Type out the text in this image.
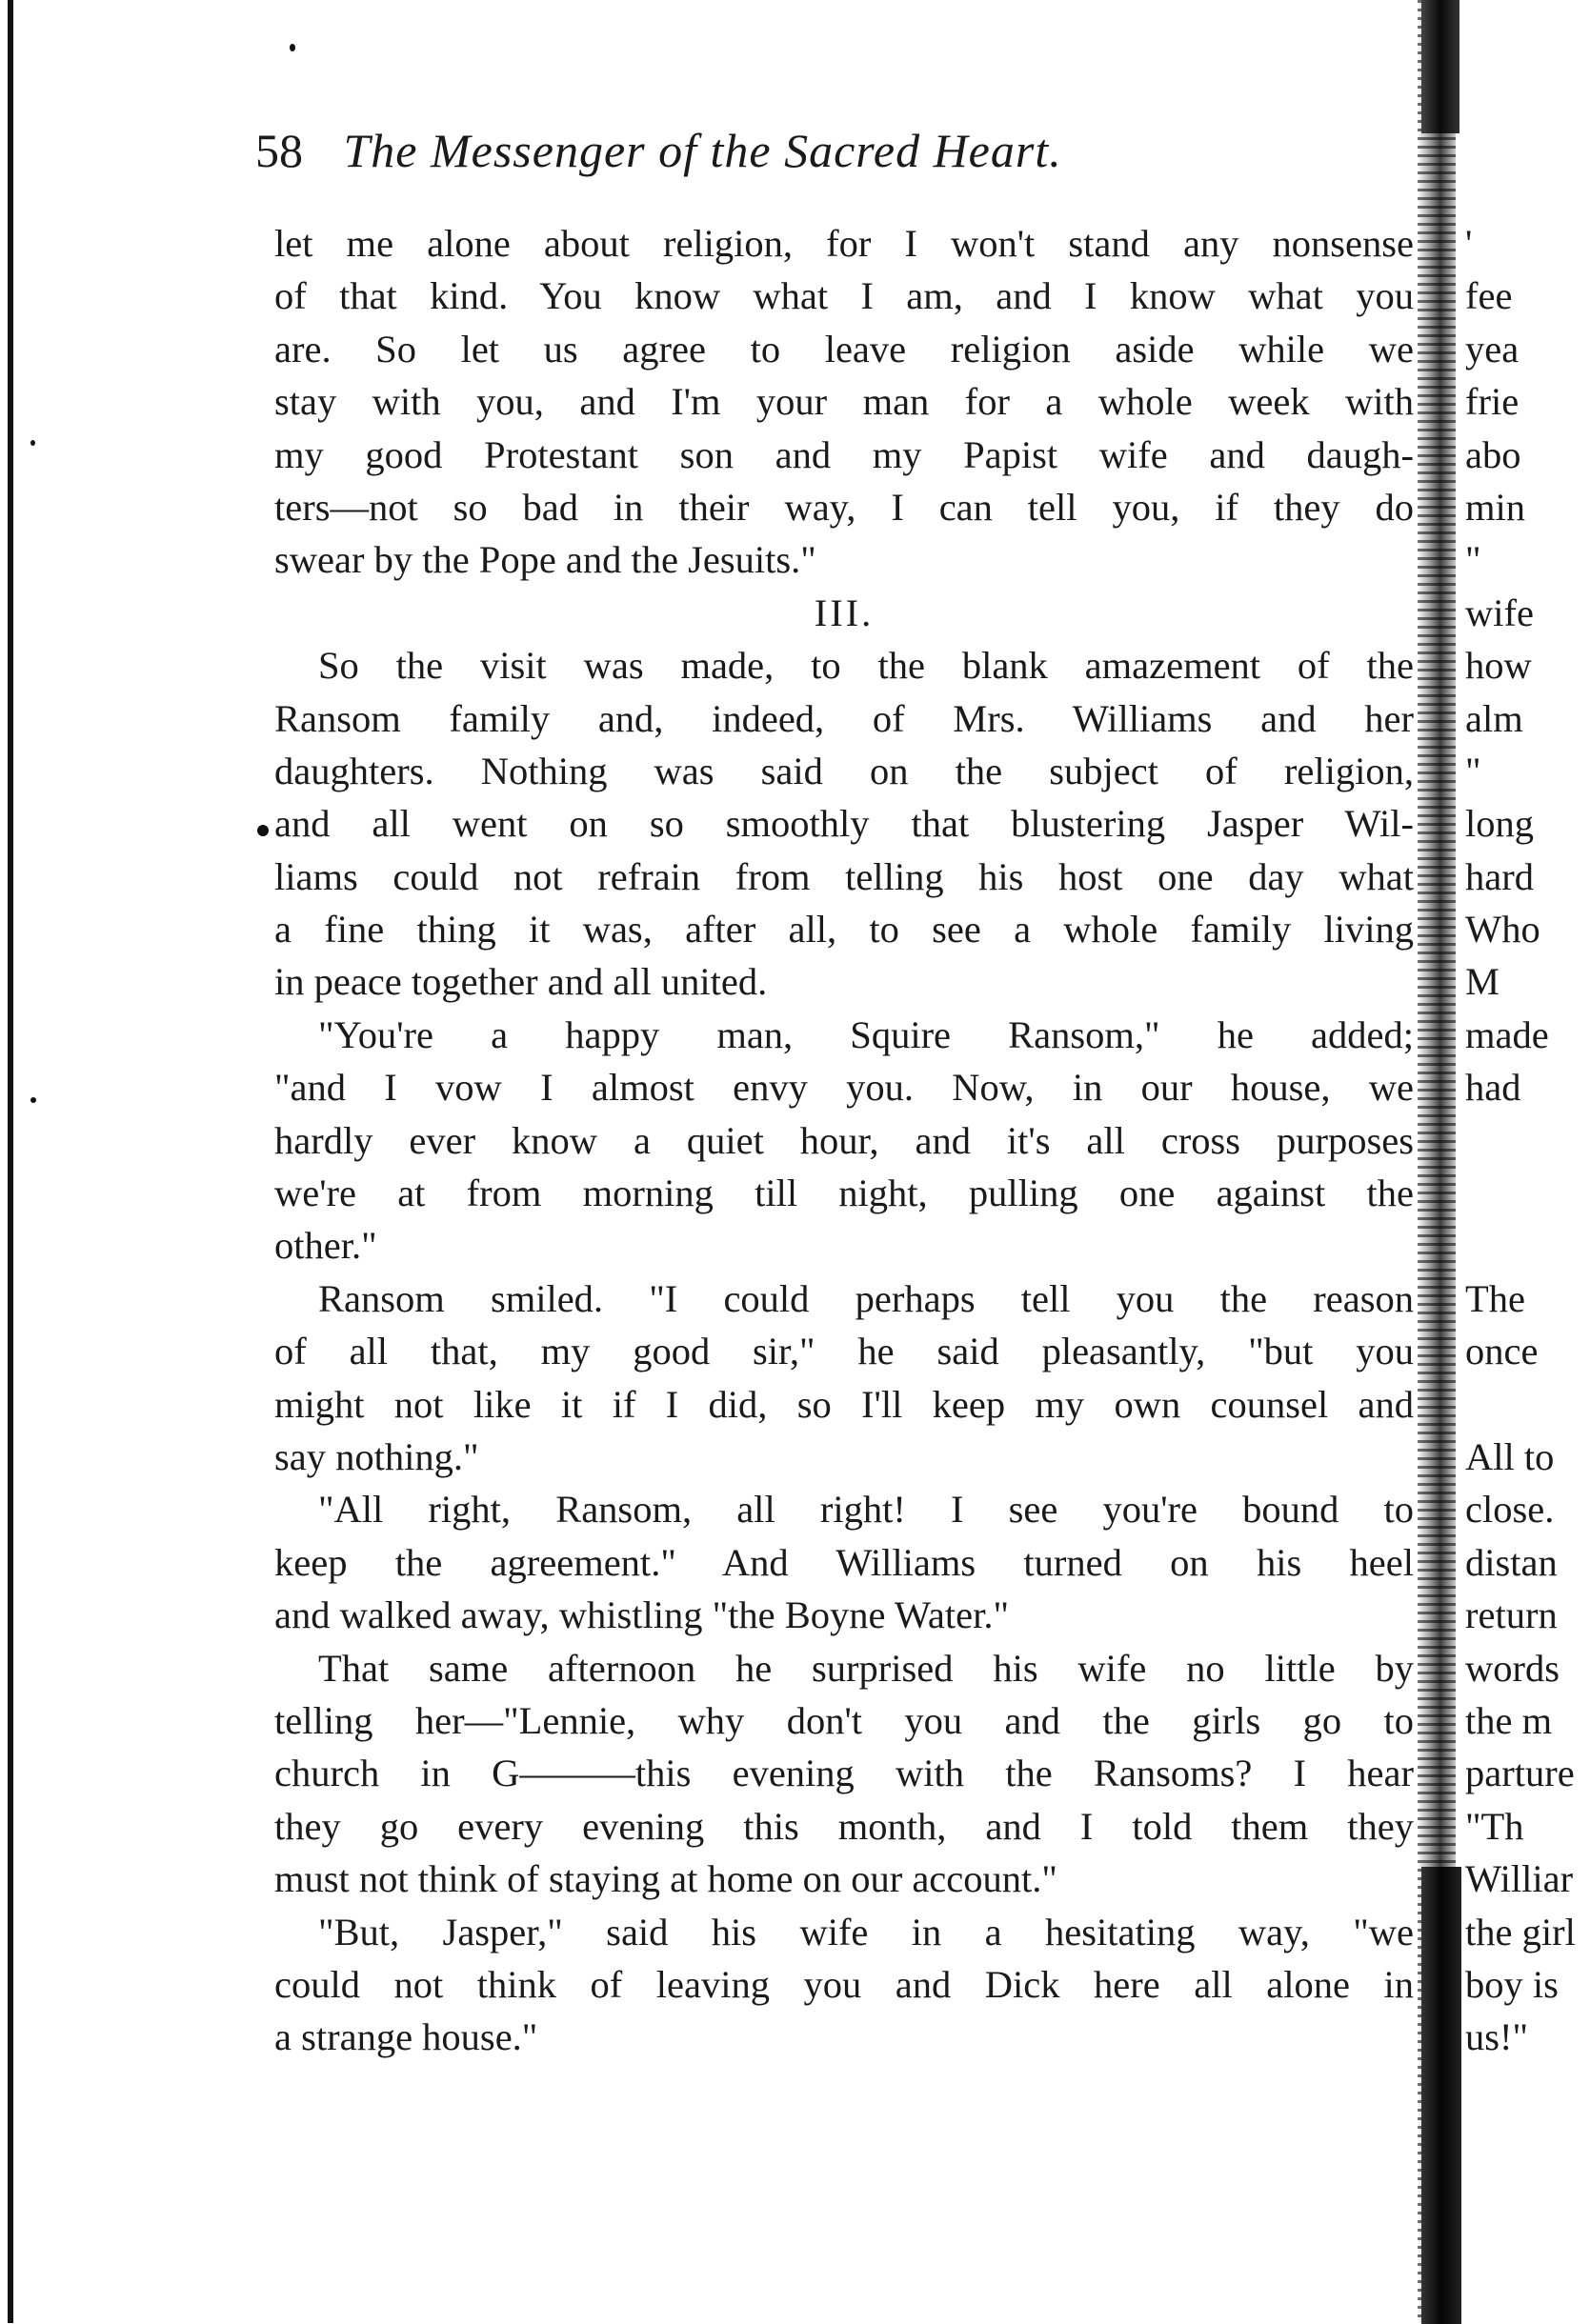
58 The Messenger of the Sacred Heart.
let me alone about religion, for I won't stand any nonsense
of that kind. You know what I am, and I know what you
are. So let us agree to leave religion aside while we
stay with you, and I'm your man for a whole week with
my good Protestant son and my Papist wife and daugh-
ters—not so bad in their way, I can tell you, if they do
swear by the Pope and the Jesuits."
III.
So the visit was made, to the blank amazement of the
Ransom family and, indeed, of Mrs. Williams and her
daughters. Nothing was said on the subject of religion,
and all went on so smoothly that blustering Jasper Wil-
liams could not refrain from telling his host one day what
a fine thing it was, after all, to see a whole family living
in peace together and all united.
"You're a happy man, Squire Ransom," he added;
"and I vow I almost envy you. Now, in our house, we
hardly ever know a quiet hour, and it's all cross purposes
we're at from morning till night, pulling one against the
other."
Ransom smiled. "I could perhaps tell you the reason
of all that, my good sir," he said pleasantly, "but you
might not like it if I did, so I'll keep my own counsel and
say nothing."
"All right, Ransom, all right! I see you're bound to
keep the agreement." And Williams turned on his heel
and walked away, whistling "the Boyne Water."
That same afternoon he surprised his wife no little by
telling her—"Lennie, why don't you and the girls go to
church in G———this evening with the Ransoms? I hear
they go every evening this month, and I told them they
must not think of staying at home on our account."
"But, Jasper," said his wife in a hesitating way, "we
could not think of leaving you and Dick here all alone in
a strange house."
'
fee
yea
frie
abo
min
"
wife
how
alm
"
long
hard
Who
M
made
had
The
once
All to
close.
distan
return
words
the m
parture
"Th
Williar
the girl
boy is
us!"
